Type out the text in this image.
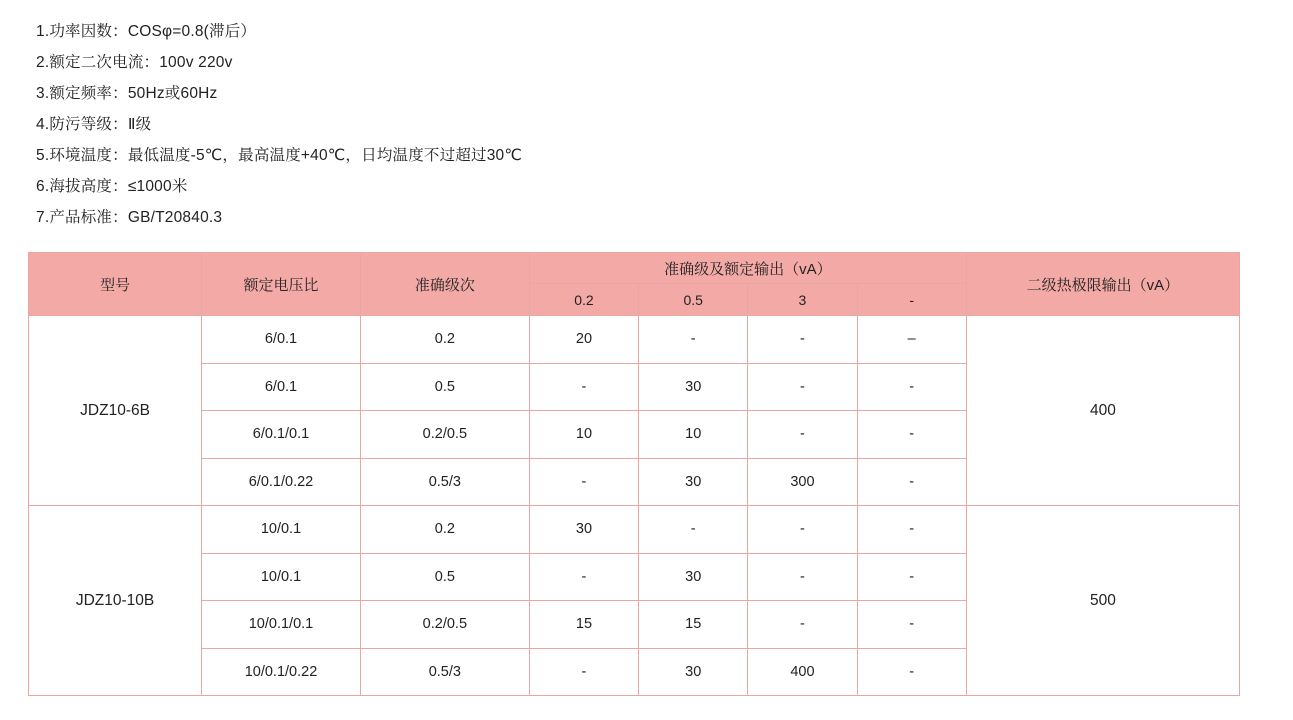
1.功率因数：COSφ=0.8(滞后）
2.额定二次电流：100v 220v
3.额定频率：50Hz或60Hz
4.防污等级：Ⅱ级
5.环境温度：最低温度-5℃，最高温度+40℃，日均温度不过超过30℃
6.海拔高度：≤1000米
7.产品标准：GB/T20840.3
型号	额定电压比	准确级次	准确级及额定输出（vA）				二级热极限输出（vA）
			0.2	0.5	3	-	
JDZ10-6B	6/0.1	0.2	20	-	-	–	400
	6/0.1	0.5	-	30	-	-	
	6/0.1/0.1	0.2/0.5	10	10	-	-	
	6/0.1/0.22	0.5/3	-	30	300	-	
JDZ10-10B	10/0.1	0.2	30	-	-	-	500
	10/0.1	0.5	-	30	-	-	
	10/0.1/0.1	0.2/0.5	15	15	-	-	
	10/0.1/0.22	0.5/3	-	30	400	-	
